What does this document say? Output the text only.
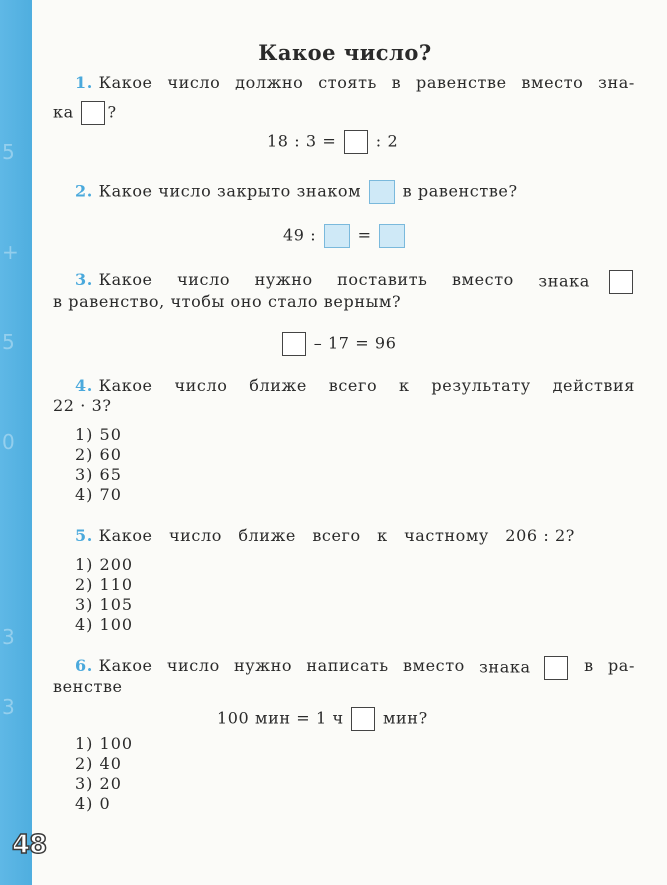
5
+
5
0
3
3
48
Какое число?
1. Какое число должно стоять в равенстве вместо зна-
ка ?
18 : 3 = : 2
2. Какое число закрыто знаком	в равенстве?
49 :	=
3. Какое число нужно поставить вместо знака
в равенство, чтобы оно стало верным?
– 17 = 96
4. Какое число ближе всего к результату действия
22 · 3?
1) 50
2) 60
3) 65
4) 70
5. Какое число ближе всего к частному 206 : 2?
1) 200
2) 110
3) 105
4) 100
6. Какое число нужно написать вместо знака	в ра-
венстве
100 мин = 1 ч мин?
1) 100
2) 40
3) 20
4) 0
